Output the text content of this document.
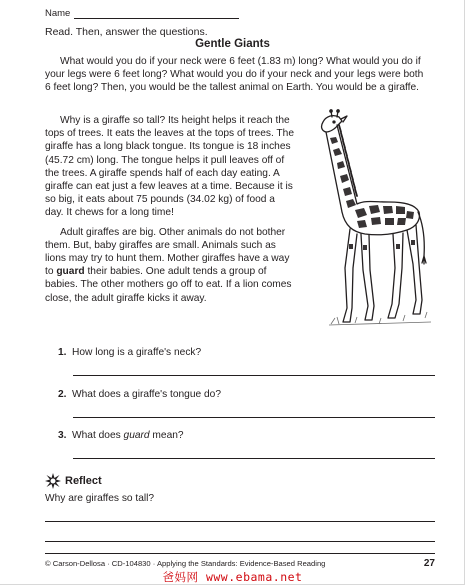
Name
Read. Then, answer the questions.
Gentle Giants

What would you do if your neck were 6 feet (1.83 m) long? What would you do if your legs were 6 feet long? What would you do if your neck and your legs were both 6 feet long? Then, you would be the tallest animal on Earth. You would be a giraffe.

Why is a giraffe so tall? Its height helps it reach the tops of trees. It eats the leaves at the tops of trees. The giraffe has a long black tongue. Its tongue is 18 inches (45.72 cm) long. The tongue helps it pull leaves off of the trees. A giraffe spends half of each day eating. A giraffe can eat just a few leaves at a time. Because it is so big, it eats about 75 pounds (34.02 kg) of food a day. It chews for a long time!

Adult giraffes are big. Other animals do not bother them. But, baby giraffes are small. Animals such as lions may try to hunt them. Mother giraffes have a way to guard their babies. One adult tends a group of babies. The other mothers go off to eat. If a lion comes close, the adult giraffe kicks it away.

1. How long is a giraffe's neck?
2. What does a giraffe's tongue do?
3. What does guard mean?
Reflect
Why are giraffes so tall?
© Carson-Dellosa · CD-104830 · Applying the Standards: Evidence-Based Reading	27
爸妈网 www.ebama.net
